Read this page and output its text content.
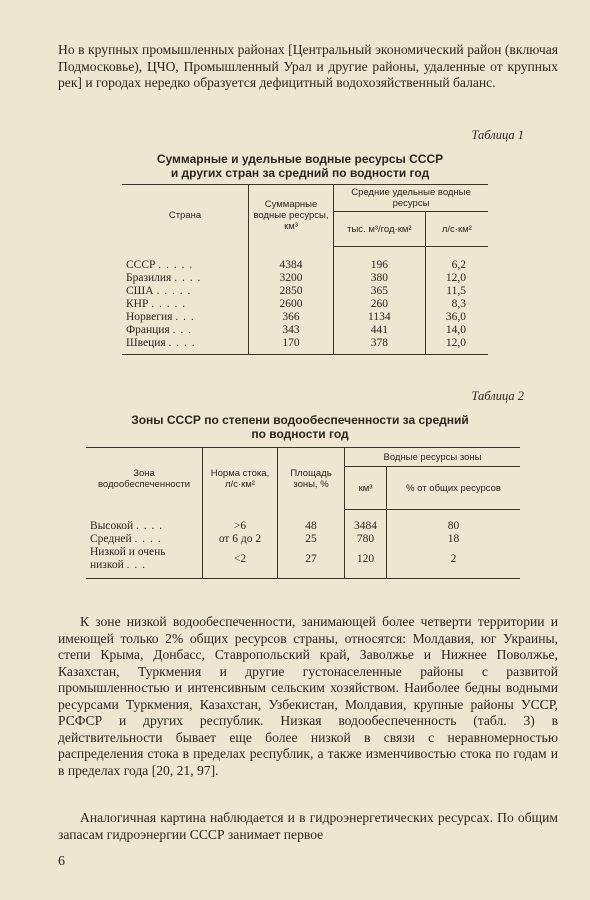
Но в крупных промышленных районах [Центральный экономический район (включая Подмосковье), ЦЧО, Промышленный Урал и другие районы, удаленные от крупных рек] и городах нередко образуется дефицитный водохозяйственный баланс.

Таблица 1
Суммарные и удельные водные ресурсы СССР
и других стран за средний по водности год
Страна	Суммарные водные ресурсы, км³	Средние удельные водные ресурсы	
		тыс. м³/год·км²	л/с·км²
СССР . . . . .	4384	196	6,2
Бразилия . . . .	3200	380	12,0
США . . . . .	2850	365	11,5
КНР . . . . .	2600	260	8,3
Норвегия . . .	366	1134	36,0
Франция . . .	343	441	14,0
Швеция . . . .	170	378	12,0
Таблица 2
Зоны СССР по степени водообеспеченности за средний
по водности год
Зона водообеспеченности	Норма стока, л/с·км²	Площадь зоны, %	Водные ресурсы зоны	
			км³	% от общих ресурсов
Высокой . . . .	>6	48	3484	80
Средней . . . .	от 6 до 2	25	780	18
Низкой и очень низкой . . .	<2	27	120	2

К зоне низкой водообеспеченности, занимающей более четверти территории и имеющей только 2% общих ресурсов страны, относятся: Молдавия, юг Украины, степи Крыма, Донбасс, Ставропольский край, Заволжье и Нижнее Поволжье, Казахстан, Туркмения и другие густонаселенные районы с развитой промышленностью и интенсивным сельским хозяйством. Наиболее бедны водными ресурсами Туркмения, Казахстан, Узбекистан, Молдавия, крупные районы УССР, РСФСР и других республик. Низкая водообеспеченность (табл. 3) в действительности бывает еще более низкой в связи с неравномерностью распределения стока в пределах республик, а также изменчивостью стока по годам и в пределах года [20, 21, 97].

Аналогичная картина наблюдается и в гидроэнергетических ресурсах. По общим запасам гидроэнергии СССР занимает первое

6
